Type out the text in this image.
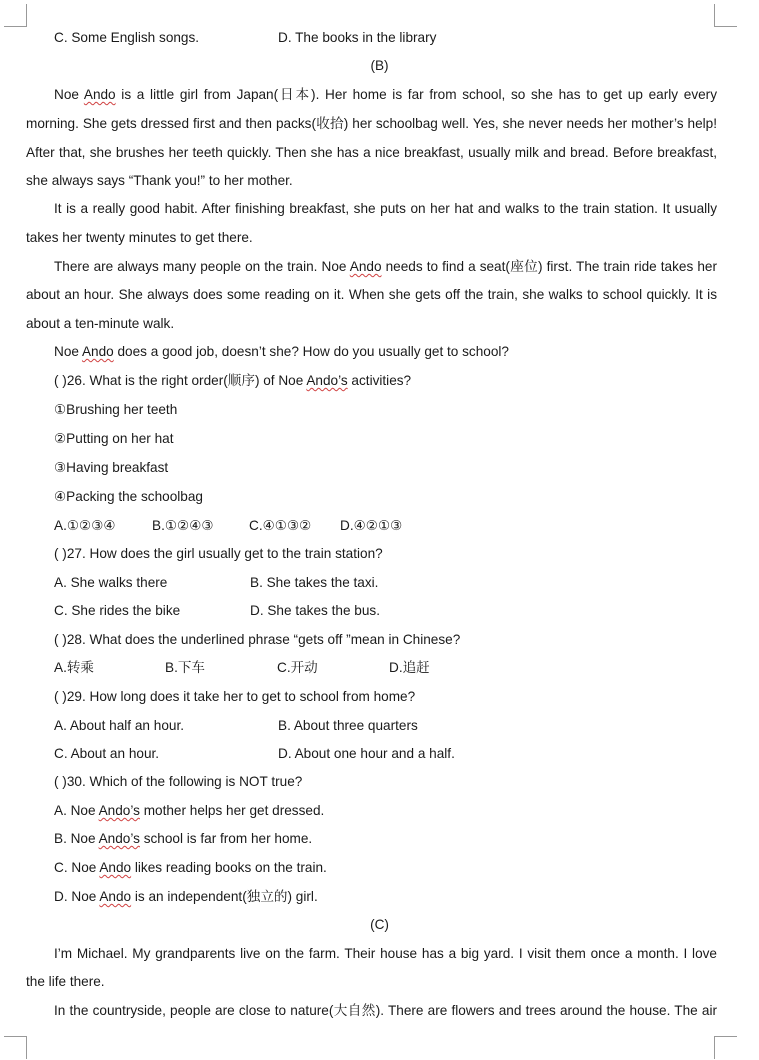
C. Some English songs.	D. The books in the library
(B)
Noe Ando is a little girl from Japan(日本). Her home is far from school, so she has to get up early every
morning. She gets dressed first and then packs(收拾) her schoolbag well. Yes, she never needs her mother’s help!
After that, she brushes her teeth quickly. Then she has a nice breakfast, usually milk and bread. Before breakfast,
she always says “Thank you!” to her mother.
It is a really good habit. After finishing breakfast, she puts on her hat and walks to the train station. It usually
takes her twenty minutes to get there.
There are always many people on the train. Noe Ando needs to find a seat(座位) first. The train ride takes her
about an hour. She always does some reading on it. When she gets off the train, she walks to school quickly. It is
about a ten-minute walk.
Noe Ando does a good job, doesn’t she? How do you usually get to school?
( )26. What is the right order(顺序) of Noe Ando’s activities?
①Brushing her teeth
②Putting on her hat
③Having breakfast
④Packing the schoolbag
A.①②③④	B.①②④③	C.④①③② D.④②①③
( )27. How does the girl usually get to the train station?
A. She walks there	B. She takes the taxi.
C. She rides the bike	D. She takes the bus.
( )28. What does the underlined phrase “gets off ”mean in Chinese?
A.转乘	B.下车	C.开动	D.追赶
( )29. How long does it take her to get to school from home?
A. About half an hour.	B. About three quarters
C. About an hour.	D. About one hour and a half.
( )30. Which of the following is NOT true?
A. Noe Ando’s mother helps her get dressed.
B. Noe Ando’s school is far from her home.
C. Noe Ando likes reading books on the train.
D. Noe Ando is an independent(独立的) girl.
(C)
I’m Michael. My grandparents live on the farm. Their house has a big yard. I visit them once a month. I love
the life there.
In the countryside, people are close to nature(大自然). There are flowers and trees around the house. The air
